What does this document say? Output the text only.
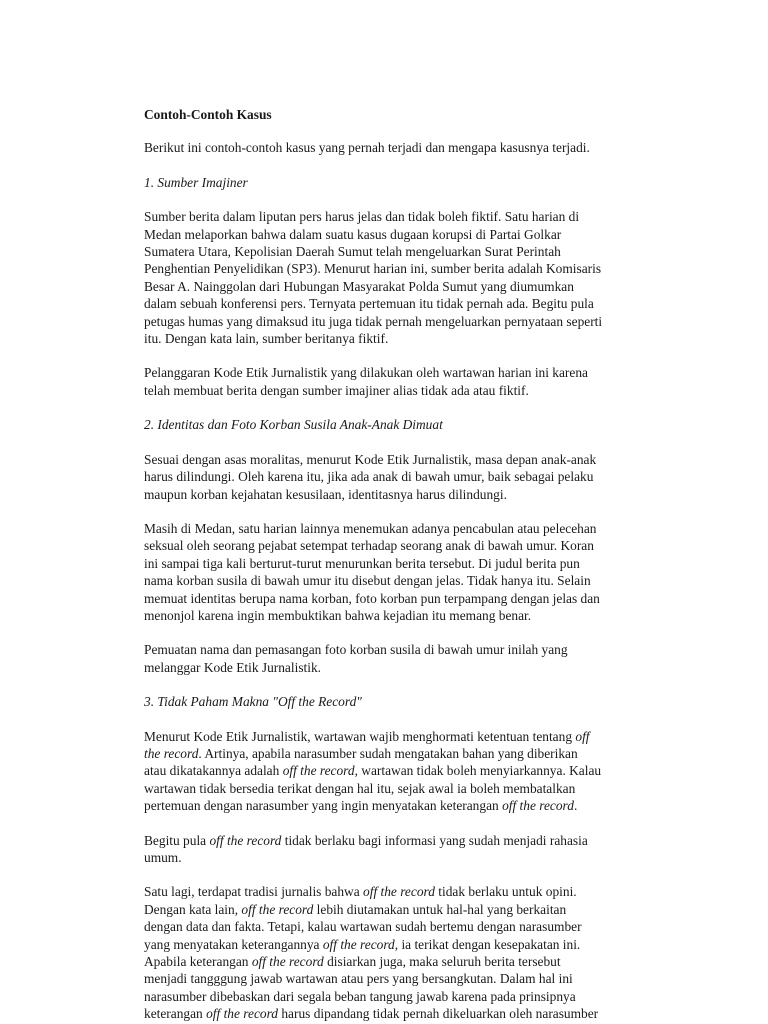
Contoh-Contoh Kasus

Berikut ini contoh-contoh kasus yang pernah terjadi dan mengapa kasusnya terjadi.

1. Sumber Imajiner

Sumber berita dalam liputan pers harus jelas dan tidak boleh fiktif. Satu harian di
Medan melaporkan bahwa dalam suatu kasus dugaan korupsi di Partai Golkar
Sumatera Utara, Kepolisian Daerah Sumut telah mengeluarkan Surat Perintah
Penghentian Penyelidikan (SP3). Menurut harian ini, sumber berita adalah Komisaris
Besar A. Nainggolan dari Hubungan Masyarakat Polda Sumut yang diumumkan
dalam sebuah konferensi pers. Ternyata pertemuan itu tidak pernah ada. Begitu pula
petugas humas yang dimaksud itu juga tidak pernah mengeluarkan pernyataan seperti
itu. Dengan kata lain, sumber beritanya fiktif.

Pelanggaran Kode Etik Jurnalistik yang dilakukan oleh wartawan harian ini karena
telah membuat berita dengan sumber imajiner alias tidak ada atau fiktif.

2. Identitas dan Foto Korban Susila Anak-Anak Dimuat

Sesuai dengan asas moralitas, menurut Kode Etik Jurnalistik, masa depan anak-anak
harus dilindungi. Oleh karena itu, jika ada anak di bawah umur, baik sebagai pelaku
maupun korban kejahatan kesusilaan, identitasnya harus dilindungi.

Masih di Medan, satu harian lainnya menemukan adanya pencabulan atau pelecehan
seksual oleh seorang pejabat setempat terhadap seorang anak di bawah umur. Koran
ini sampai tiga kali berturut-turut menurunkan berita tersebut. Di judul berita pun
nama korban susila di bawah umur itu disebut dengan jelas. Tidak hanya itu. Selain
memuat identitas berupa nama korban, foto korban pun terpampang dengan jelas dan
menonjol karena ingin membuktikan bahwa kejadian itu memang benar.

Pemuatan nama dan pemasangan foto korban susila di bawah umur inilah yang
melanggar Kode Etik Jurnalistik.

3. Tidak Paham Makna "Off the Record"

Menurut Kode Etik Jurnalistik, wartawan wajib menghormati ketentuan tentang off
the record. Artinya, apabila narasumber sudah mengatakan bahan yang diberikan
atau dikatakannya adalah off the record, wartawan tidak boleh menyiarkannya. Kalau
wartawan tidak bersedia terikat dengan hal itu, sejak awal ia boleh membatalkan
pertemuan dengan narasumber yang ingin menyatakan keterangan off the record.

Begitu pula off the record tidak berlaku bagi informasi yang sudah menjadi rahasia
umum.

Satu lagi, terdapat tradisi jurnalis bahwa off the record tidak berlaku untuk opini.
Dengan kata lain, off the record lebih diutamakan untuk hal-hal yang berkaitan
dengan data dan fakta. Tetapi, kalau wartawan sudah bertemu dengan narasumber
yang menyatakan keterangannya off the record, ia terikat dengan kesepakatan ini.
Apabila keterangan off the record disiarkan juga, maka seluruh berita tersebut
menjadi tangggung jawab wartawan atau pers yang bersangkutan. Dalam hal ini
narasumber dibebaskan dari segala beban tangung jawab karena pada prinsipnya
keterangan off the record harus dipandang tidak pernah dikeluarkan oleh narasumber
